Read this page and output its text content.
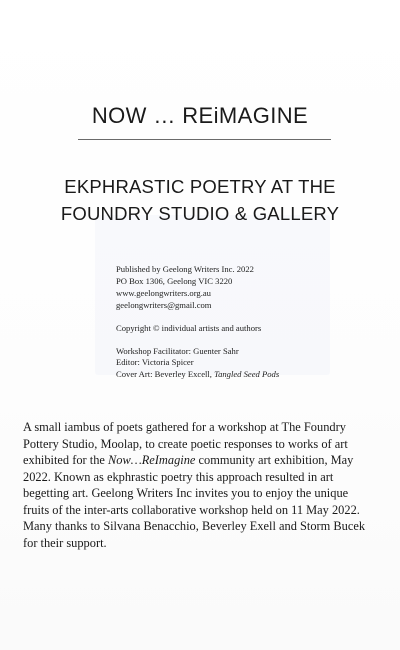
NOW … REiMAGINE
EKPHRASTIC POETRY AT THE
FOUNDRY STUDIO & GALLERY
Published by Geelong Writers Inc. 2022
PO Box 1306, Geelong VIC 3220
www.geelongwriters.org.au
geelongwriters@gmail.com
Copyright © individual artists and authors
Workshop Facilitator: Guenter Sahr
Editor: Victoria Spicer
Cover Art: Beverley Excell, Tangled Seed Pods

A small iambus of poets gathered for a workshop at The Foundry
Pottery Studio, Moolap, to create poetic responses to works of art
exhibited for the Now…ReImagine community art exhibition, May
2022. Known as ekphrastic poetry this approach resulted in art
begetting art. Geelong Writers Inc invites you to enjoy the unique
fruits of the inter-arts collaborative workshop held on 11 May 2022.
Many thanks to Silvana Benacchio, Beverley Exell and Storm Bucek
for their support.
